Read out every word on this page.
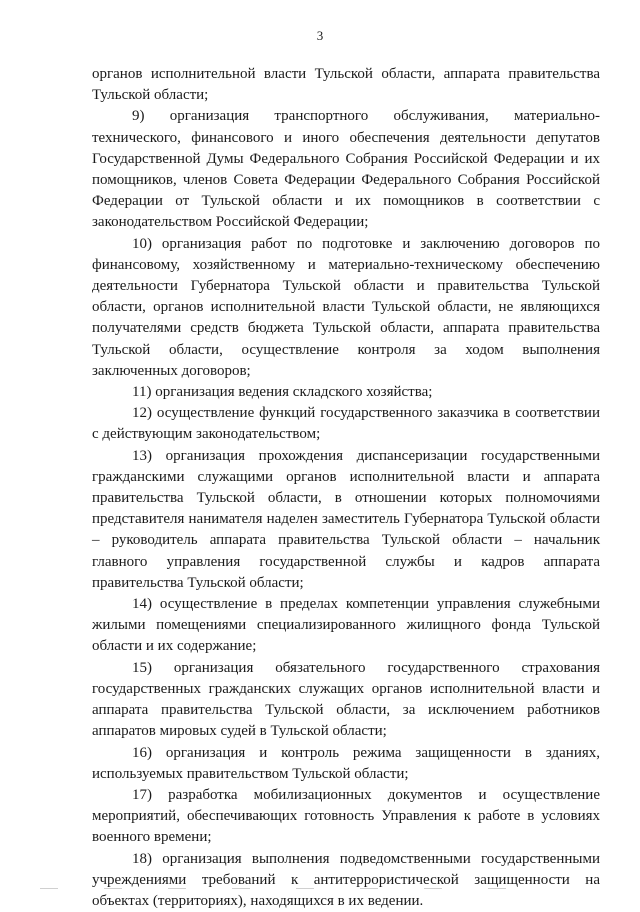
3

органов исполнительной власти Тульской области, аппарата правительства Тульской области;

9) организация транспортного обслуживания, материально-технического, финансового и иного обеспечения деятельности депутатов Государственной Думы Федерального Собрания Российской Федерации и их помощников, членов Совета Федерации Федерального Собрания Российской Федерации от Тульской области и их помощников в соответствии с законодательством Российской Федерации;

10) организация работ по подготовке и заключению договоров по финансовому, хозяйственному и материально-техническому обеспечению деятельности Губернатора Тульской области и правительства Тульской области, органов исполнительной власти Тульской области, не являющихся получателями средств бюджета Тульской области, аппарата правительства Тульской области, осуществление контроля за ходом выполнения заключенных договоров;

11) организация ведения складского хозяйства;

12) осуществление функций государственного заказчика в соответствии с действующим законодательством;

13) организация прохождения диспансеризации государственными гражданскими служащими органов исполнительной власти и аппарата правительства Тульской области, в отношении которых полномочиями представителя нанимателя наделен заместитель Губернатора Тульской области – руководитель аппарата правительства Тульской области – начальник главного управления государственной службы и кадров аппарата правительства Тульской области;

14) осуществление в пределах компетенции управления служебными жилыми помещениями специализированного жилищного фонда Тульской области и их содержание;

15) организация обязательного государственного страхования государственных гражданских служащих органов исполнительной власти и аппарата правительства Тульской области, за исключением работников аппаратов мировых судей в Тульской области;

16) организация и контроль режима защищенности в зданиях, используемых правительством Тульской области;

17) разработка мобилизационных документов и осуществление мероприятий, обеспечивающих готовность Управления к работе в условиях военного времени;

18) организация выполнения подведомственными государственными учреждениями требований к антитеррористической защищенности на объектах (территориях), находящихся в их ведении.
